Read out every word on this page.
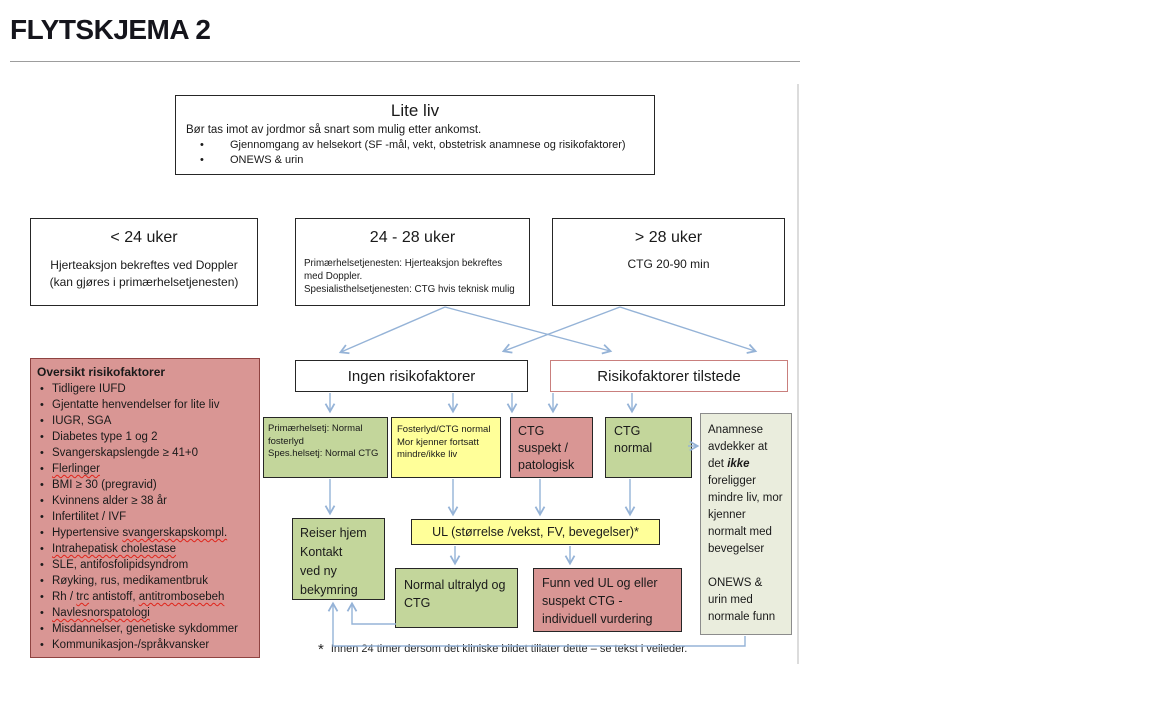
FLYTSKJEMA 2
Lite liv
Bør tas imot av jordmor så snart som mulig etter ankomst.
• Gjennomgang av helsekort (SF -mål, vekt, obstetrisk anamnese og risikofaktorer)
• ONEWS & urin
< 24 uker
Hjerteaksjon bekreftes ved Doppler
(kan gjøres i primærhelsetjenesten)
24 - 28 uker
Primærhelsetjenesten: Hjerteaksjon bekreftes med Doppler.
Spesialisthelsetjenesten: CTG hvis teknisk mulig
> 28 uker
CTG 20-90 min
Oversikt risikofaktorer
• Tidligere IUFD
• Gjentatte henvendelser for lite liv
• IUGR, SGA
• Diabetes type 1 og 2
• Svangerskapslengde ≥ 41+0
• Flerlinger
• BMI ≥ 30 (pregravid)
• Kvinnens alder ≥ 38 år
• Infertilitet / IVF
• Hypertensive svangerskapskompl.
• Intrahepatisk cholestase
• SLE, antifosfolipidsyndrom
• Røyking, rus, medikamentbruk
• Rh / trc antistoff, antitrombosebeh
• Navlesnorspatologi
• Misdannelser, genetiske sykdommer
• Kommunikasjon-/språkvansker
Ingen risikofaktorer	Risikofaktorer tilstede
Primærhelsetj: Normal
fosterlyd
Spes.helsetj: Normal CTG
Fosterlyd/CTG normal
Mor kjenner fortsatt
mindre/ikke liv
CTG
suspekt /
patologisk
CTG
normal
Anamnese avdekker at det ikke foreligger mindre liv, mor kjenner normalt med bevegelser
ONEWS & urin med normale funn
Reiser hjem
Kontakt
ved ny
bekymring
UL (størrelse /vekst, FV, bevegelser)*
Normal ultralyd og CTG
Funn ved UL og eller suspekt CTG - individuell vurdering
* Innen 24 timer dersom det kliniske bildet tillater dette – se tekst i veileder.
